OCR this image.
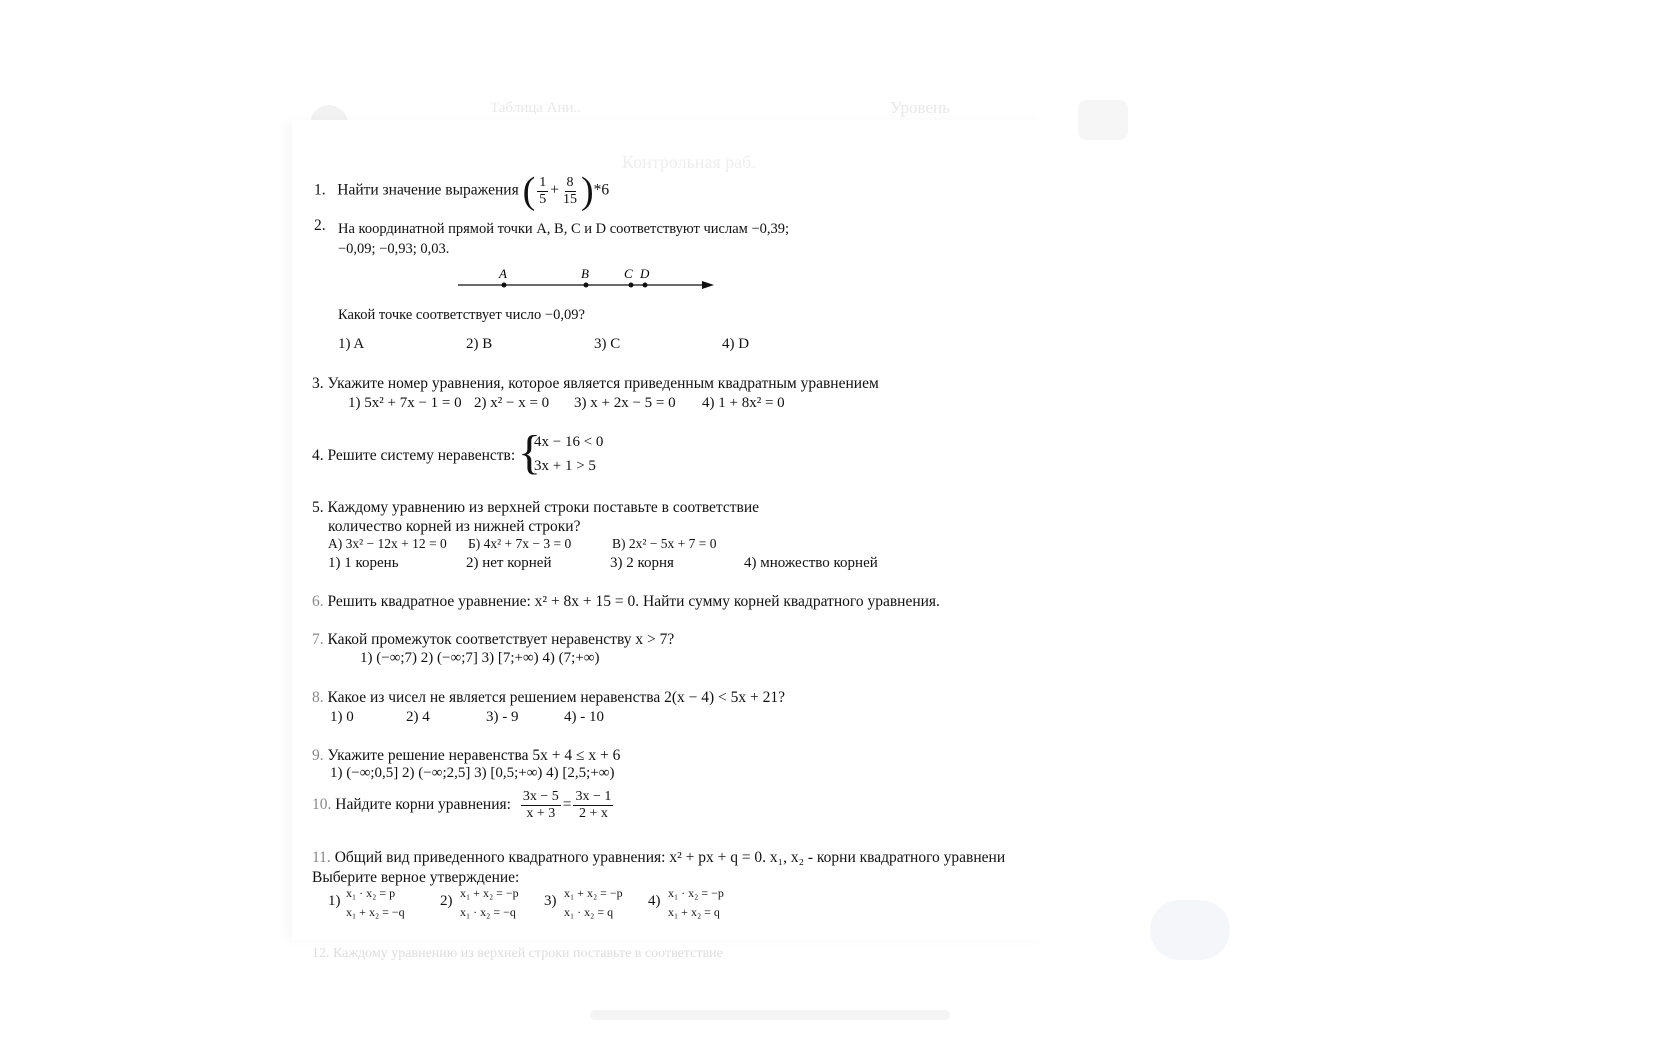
Таблица Ани..	Уровень
Контрольная раб.
1. Найти значение выражения ( $\frac{1}{5} + \frac{8}{15} )*6$
2. На координатной прямой точки A, B, C и D соответствуют числам −0,39;
−0,09; −0,93; 0,03.
A	B	C D
Какой точке соответствует число −0,09?
1) A	2) B	3) C	4) D
3. Укажите номер уравнения, которое является приведенным квадратным уравнением
1) 5x² + 7x − 1 = 0 2) x² − x = 0 3) x + 2x − 5 = 0 4) 1 + 8x² = 0
4. Решите систему неравенств: {
4x − 16 < 0
3x + 1 > 5
5. Каждому уравнению из верхней строки поставьте в соответствие
количество корней из нижней строки?
А) 3x² − 12x + 12 = 0 Б) 4x² + 7x − 3 = 0	В) 2x² − 5x + 7 = 0
1) 1 корень	2) нет корней	3) 2 корня	4) множество корней
6. Решить квадратное уравнение: x² + 8x + 15 = 0. Найти сумму корней квадратного уравнения.
7. Какой промежуток соответствует неравенству x > 7?
1) (−∞;7) 2) (−∞;7] 3) [7;+∞) 4) (7;+∞)
8. Какое из чисел не является решением неравенства 2(x − 4) < 5x + 21?
1) 0	2) 4	3) - 9	4) - 10
9. Укажите решение неравенства 5x + 4 ≤ x + 6
1) (−∞;0,5] 2) (−∞;2,5] 3) [0,5;+∞) 4) [2,5;+∞)
10. Найдите корни уравнения: $\frac{3x - 5}{x + 3} = \frac{3x - 1}{2 + x}$
11. Общий вид приведенного квадратного уравнения: x² + px + q = 0. x₁, x₂ - корни квадратного уравнени
Выберите верное утверждение:
1) x₁ · x₂ = p
x₁ + x₂ = −q
2) x₁ + x₂ = −p
x₁ · x₂ = −q
3) x₁ + x₂ = −p
x₁ · x₂ = q
4) x₁ · x₂ = −p
x₁ + x₂ = q
12. Каждому уравнению из верхней строки поставьте в соответствие
